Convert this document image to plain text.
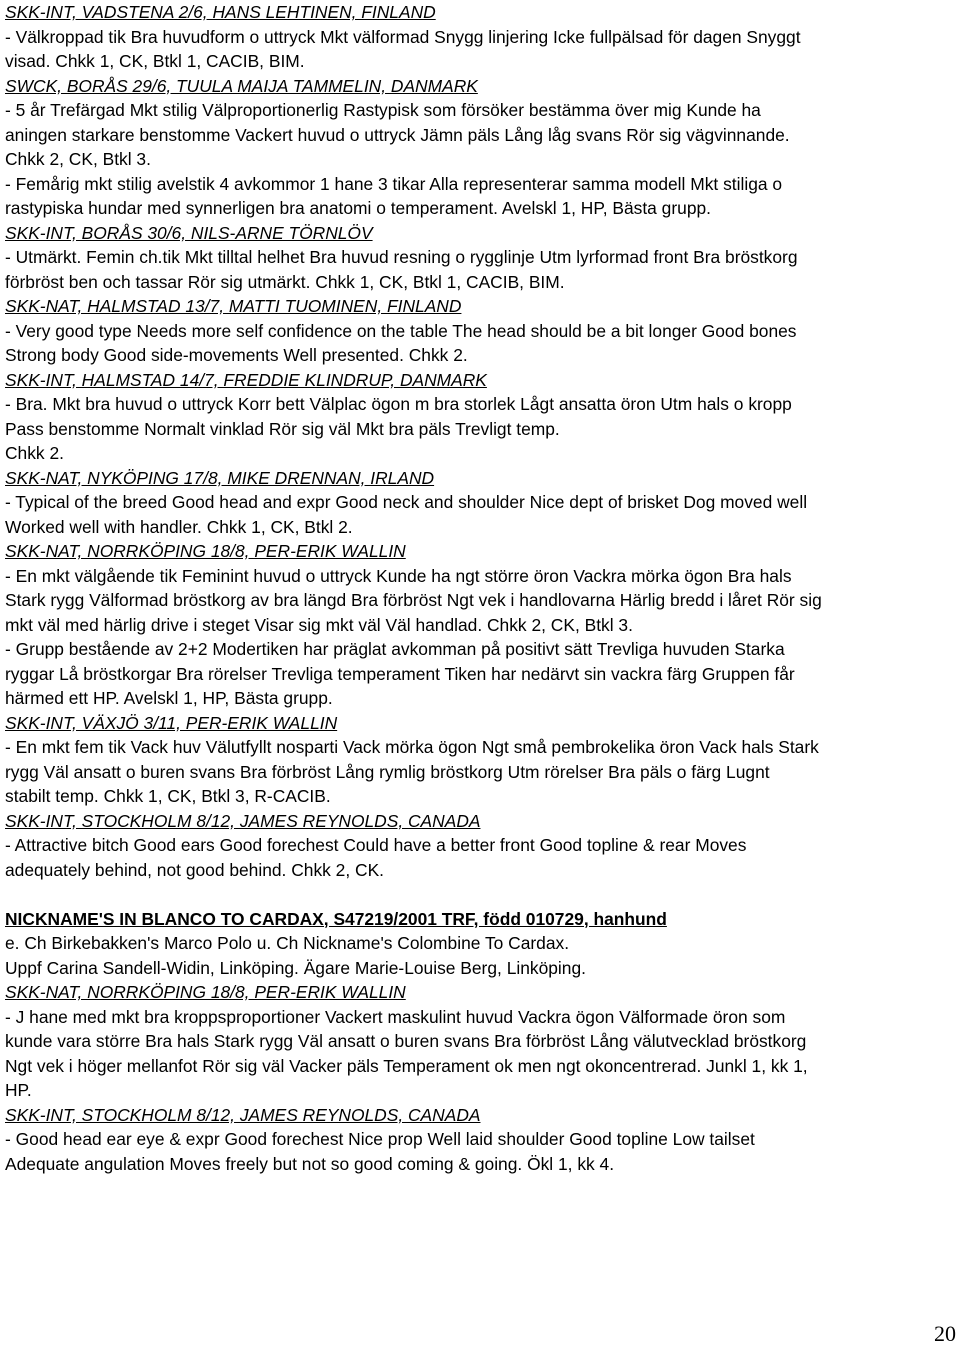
SKK-INT, VADSTENA 2/6, HANS LEHTINEN, FINLAND
- Välkroppad tik Bra huvudform o uttryck Mkt välformad Snygg linjering Icke fullpälsad för dagen Snyggt
visad. Chkk 1, CK, Btkl 1, CACIB, BIM.
SWCK, BORÅS 29/6, TUULA MAIJA TAMMELIN, DANMARK
- 5 år Trefärgad Mkt stilig Välproportionerlig Rastypisk som försöker bestämma över mig Kunde ha
aningen starkare benstomme Vackert huvud o uttryck Jämn päls Lång låg svans Rör sig vägvinnande.
Chkk 2, CK, Btkl 3.
- Femårig mkt stilig avelstik 4 avkommor 1 hane 3 tikar Alla representerar samma modell Mkt stiliga o
rastypiska hundar med synnerligen bra anatomi o temperament. Avelskl 1, HP, Bästa grupp.
SKK-INT, BORÅS 30/6, NILS-ARNE TÖRNLÖV
- Utmärkt. Femin ch.tik Mkt tilltal helhet Bra huvud resning o rygglinje Utm lyrformad front Bra bröstkorg
förbröst ben och tassar Rör sig utmärkt. Chkk 1, CK, Btkl 1, CACIB, BIM.
SKK-NAT, HALMSTAD 13/7, MATTI TUOMINEN, FINLAND
- Very good type Needs more self confidence on the table The head should be a bit longer Good bones
Strong body Good side-movements Well presented. Chkk 2.
SKK-INT, HALMSTAD 14/7, FREDDIE KLINDRUP, DANMARK
- Bra. Mkt bra huvud o uttryck Korr bett Välplac ögon m bra storlek Lågt ansatta öron Utm hals o kropp
Pass benstomme Normalt vinklad Rör sig väl Mkt bra päls Trevligt temp.
Chkk 2.
SKK-NAT, NYKÖPING 17/8, MIKE DRENNAN, IRLAND
- Typical of the breed Good head and expr Good neck and shoulder Nice dept of brisket Dog moved well
Worked well with handler. Chkk 1, CK, Btkl 2.
SKK-NAT, NORRKÖPING 18/8, PER-ERIK WALLIN
- En mkt välgående tik Feminint huvud o uttryck Kunde ha ngt större öron Vackra mörka ögon Bra hals
Stark rygg Välformad bröstkorg av bra längd Bra förbröst Ngt vek i handlovarna Härlig bredd i låret Rör sig
mkt väl med härlig drive i steget Visar sig mkt väl Väl handlad. Chkk 2, CK, Btkl 3.
- Grupp bestående av 2+2 Modertiken har präglat avkomman på positivt sätt Trevliga huvuden Starka
ryggar Lå bröstkorgar Bra rörelser Trevliga temperament Tiken har nedärvt sin vackra färg Gruppen får
härmed ett HP. Avelskl 1, HP, Bästa grupp.
SKK-INT, VÄXJÖ 3/11, PER-ERIK WALLIN
- En mkt fem tik Vack huv Välutfyllt nosparti Vack mörka ögon Ngt små pembrokelika öron Vack hals Stark
rygg Väl ansatt o buren svans Bra förbröst Lång rymlig bröstkorg Utm rörelser Bra päls o färg Lugnt
stabilt temp. Chkk 1, CK, Btkl 3, R-CACIB.
SKK-INT, STOCKHOLM 8/12, JAMES REYNOLDS, CANADA
- Attractive bitch Good ears Good forechest Could have a better front Good topline & rear Moves
adequately behind, not good behind. Chkk 2, CK.
NICKNAME'S IN BLANCO TO CARDAX, S47219/2001 TRF, född 010729, hanhund
e. Ch Birkebakken's Marco Polo u. Ch Nickname's Colombine To Cardax.
Uppf Carina Sandell-Widin, Linköping. Ägare Marie-Louise Berg, Linköping.
SKK-NAT, NORRKÖPING 18/8, PER-ERIK WALLIN
- J hane med mkt bra kroppsproportioner Vackert maskulint huvud Vackra ögon Välformade öron som
kunde vara större Bra hals Stark rygg Väl ansatt o buren svans Bra förbröst Lång välutvecklad bröstkorg
Ngt vek i höger mellanfot Rör sig väl Vacker päls Temperament ok men ngt okoncentrerad. Junkl 1, kk 1,
HP.
SKK-INT, STOCKHOLM 8/12, JAMES REYNOLDS, CANADA
- Good head ear eye & expr Good forechest Nice prop Well laid shoulder Good topline Low tailset
Adequate angulation Moves freely but not so good coming & going. Ökl 1, kk 4.
20
